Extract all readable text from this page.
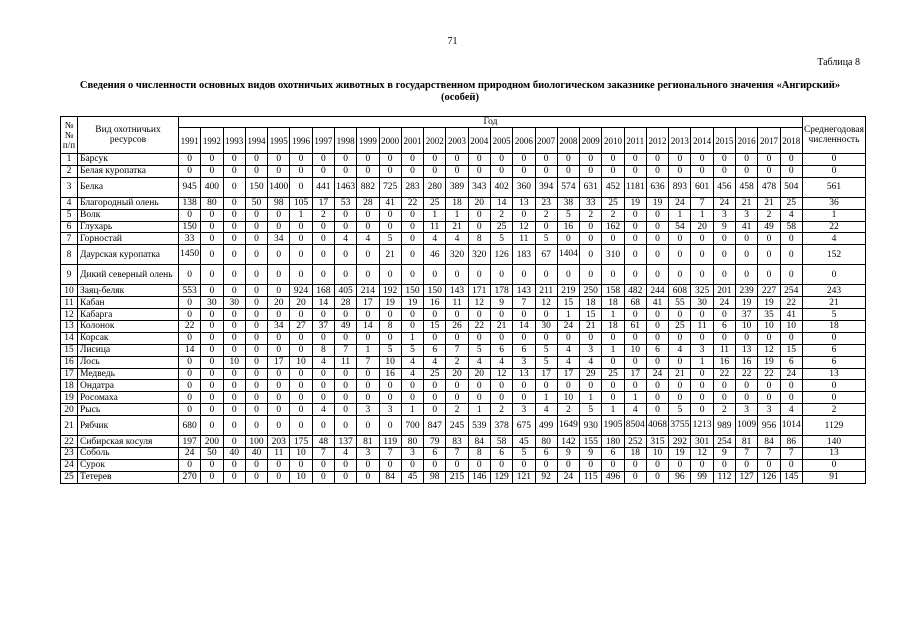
71
Таблица 8
Сведения о численности основных видов охотничьих животных в государственном природном биологическом заказнике регионального значения «Ангирский» (особей)
№ № п/п	Вид охотничьих ресурсов	Год																												Среднегодовая численность
		1991	1992	1993	1994	1995	1996	1997	1998	1999	2000	2001	2002	2003	2004	2005	2006	2007	2008	2009	2010	2011	2012	2013	2014	2015	2016	2017	2018	
1	Барсук	0	0	0	0	0	0	0	0	0	0	0	0	0	0	0	0	0	0	0	0	0	0	0	0	0	0	0	0	0
2	Белая куропатка	0	0	0	0	0	0	0	0	0	0	0	0	0	0	0	0	0	0	0	0	0	0	0	0	0	0	0	0	0
3	Белка	945	400	0	150	1400	0	441	1463	882	725	283	280	389	343	402	360	394	574	631	452	1181	636	893	601	456	458	478	504	561
4	Благородный олень	138	80	0	50	98	105	17	53	28	41	22	25	18	20	14	13	23	38	33	25	19	19	24	7	24	21	21	25	36
5	Волк	0	0	0	0	0	1	2	0	0	0	0	1	1	0	2	0	2	5	2	2	0	0	1	1	3	3	2	4	1
6	Глухарь	150	0	0	0	0	0	0	0	0	0	0	11	21	0	25	12	0	16	0	162	0	0	54	20	9	41	49	58	22
7	Горностай	33	0	0	0	34	0	0	4	4	5	0	4	4	8	5	11	5	0	0	0	0	0	0	0	0	0	0	0	4
8	Даурская куропатка	1450	0	0	0	0	0	0	0	0	21	0	46	320	320	126	183	67	1404	0	310	0	0	0	0	0	0	0	0	152
9	Дикий северный олень	0	0	0	0	0	0	0	0	0	0	0	0	0	0	0	0	0	0	0	0	0	0	0	0	0	0	0	0	0
10	Заяц-беляк	553	0	0	0	0	924	168	405	214	192	150	150	143	171	178	143	211	219	250	158	482	244	608	325	201	239	227	254	243
11	Кабан	0	30	30	0	20	20	14	28	17	19	19	16	11	12	9	7	12	15	18	18	68	41	55	30	24	19	19	22	21
12	Кабарга	0	0	0	0	0	0	0	0	0	0	0	0	0	0	0	0	0	1	15	1	0	0	0	0	0	37	35	41	5
13	Колонок	22	0	0	0	34	27	37	49	14	8	0	15	26	22	21	14	30	24	21	18	61	0	25	11	6	10	10	10	18
14	Корсак	0	0	0	0	0	0	0	0	0	0	1	0	0	0	0	0	0	0	0	0	0	0	0	0	0	0	0	0	0
15	Лисица	14	0	0	0	0	0	8	7	1	5	5	6	7	5	6	6	5	4	3	1	10	6	4	3	11	13	12	15	6
16	Лось	0	0	10	0	17	10	4	11	7	10	4	4	2	4	4	3	5	4	4	0	0	0	0	1	16	16	19	6	6
17	Медведь	0	0	0	0	0	0	0	0	0	16	4	25	20	20	12	13	17	17	29	25	17	24	21	0	22	22	22	24	13
18	Ондатра	0	0	0	0	0	0	0	0	0	0	0	0	0	0	0	0	0	0	0	0	0	0	0	0	0	0	0	0	0
19	Росомаха	0	0	0	0	0	0	0	0	0	0	0	0	0	0	0	0	1	10	1	0	1	0	0	0	0	0	0	0	0
20	Рысь	0	0	0	0	0	0	4	0	3	3	1	0	2	1	2	3	4	2	5	1	4	0	5	0	2	3	3	4	2
21	Рябчик	680	0	0	0	0	0	0	0	0	0	700	847	245	539	378	675	499	1649	930	1905	8504	4068	3755	1213	989	1009	956	1014	1129
22	Сибирская косуля	197	200	0	100	203	175	48	137	81	119	80	79	83	84	58	45	80	142	155	180	252	315	292	301	254	81	84	86	140
23	Соболь	24	50	40	40	11	10	7	4	3	7	3	6	7	8	6	5	6	9	9	6	18	10	19	12	9	7	7	7	13
24	Сурок	0	0	0	0	0	0	0	0	0	0	0	0	0	0	0	0	0	0	0	0	0	0	0	0	0	0	0	0	0
25	Тетерев	270	0	0	0	0	10	0	0	0	84	45	98	215	146	129	121	92	24	115	496	0	0	96	99	112	127	126	145	91
